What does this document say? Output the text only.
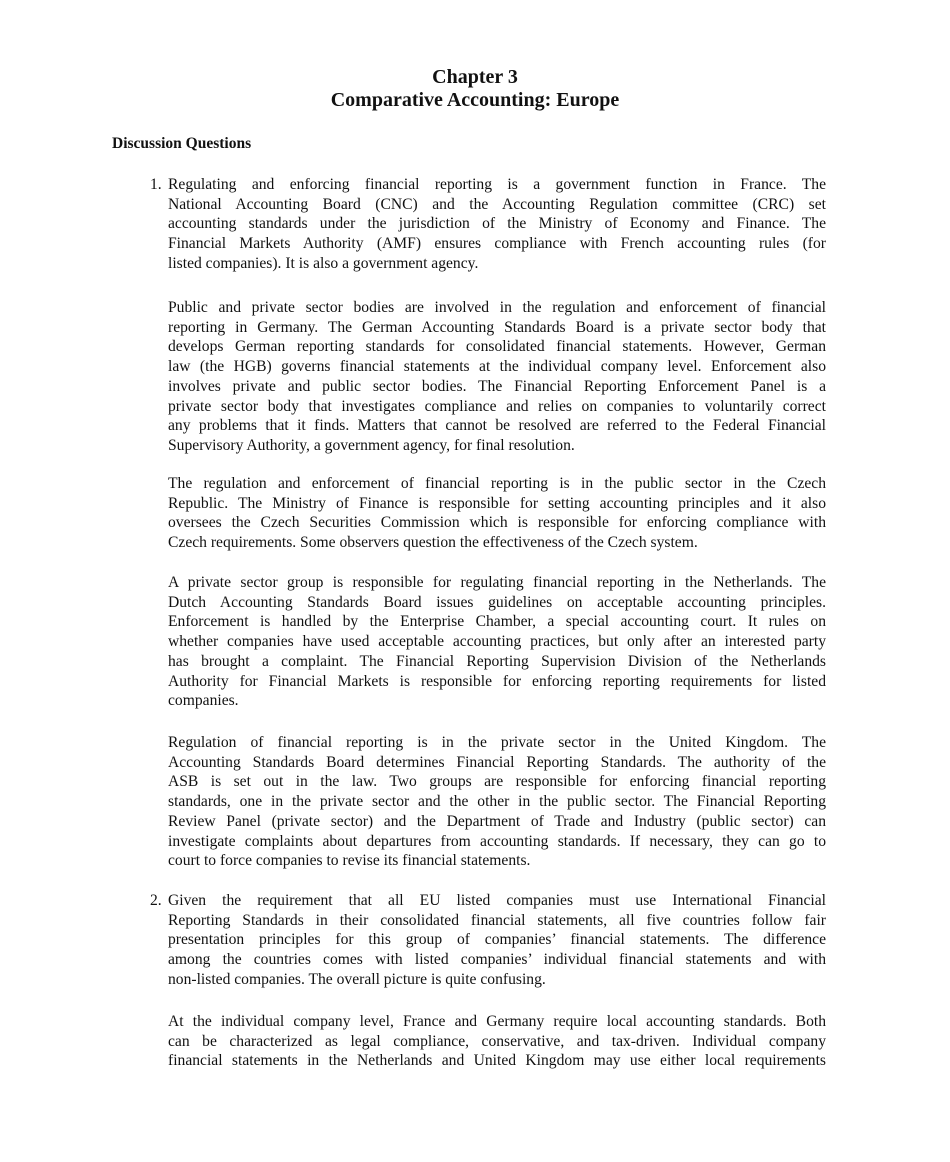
Chapter 3
Comparative Accounting: Europe
Discussion Questions
1. Regulating and enforcing financial reporting is a government function in France. The
National Accounting Board (CNC) and the Accounting Regulation committee (CRC) set
accounting standards under the jurisdiction of the Ministry of Economy and Finance. The
Financial Markets Authority (AMF) ensures compliance with French accounting rules (for
listed companies). It is also a government agency.
Public and private sector bodies are involved in the regulation and enforcement of financial
reporting in Germany. The German Accounting Standards Board is a private sector body that
develops German reporting standards for consolidated financial statements. However, German
law (the HGB) governs financial statements at the individual company level. Enforcement also
involves private and public sector bodies. The Financial Reporting Enforcement Panel is a
private sector body that investigates compliance and relies on companies to voluntarily correct
any problems that it finds. Matters that cannot be resolved are referred to the Federal Financial
Supervisory Authority, a government agency, for final resolution.
The regulation and enforcement of financial reporting is in the public sector in the Czech
Republic. The Ministry of Finance is responsible for setting accounting principles and it also
oversees the Czech Securities Commission which is responsible for enforcing compliance with
Czech requirements. Some observers question the effectiveness of the Czech system.
A private sector group is responsible for regulating financial reporting in the Netherlands. The
Dutch Accounting Standards Board issues guidelines on acceptable accounting principles.
Enforcement is handled by the Enterprise Chamber, a special accounting court. It rules on
whether companies have used acceptable accounting practices, but only after an interested party
has brought a complaint. The Financial Reporting Supervision Division of the Netherlands
Authority for Financial Markets is responsible for enforcing reporting requirements for listed
companies.
Regulation of financial reporting is in the private sector in the United Kingdom. The
Accounting Standards Board determines Financial Reporting Standards. The authority of the
ASB is set out in the law. Two groups are responsible for enforcing financial reporting
standards, one in the private sector and the other in the public sector. The Financial Reporting
Review Panel (private sector) and the Department of Trade and Industry (public sector) can
investigate complaints about departures from accounting standards. If necessary, they can go to
court to force companies to revise its financial statements.
2. Given the requirement that all EU listed companies must use International Financial
Reporting Standards in their consolidated financial statements, all five countries follow fair
presentation principles for this group of companies’ financial statements. The difference
among the countries comes with listed companies’ individual financial statements and with
non-listed companies. The overall picture is quite confusing.
At the individual company level, France and Germany require local accounting standards. Both
can be characterized as legal compliance, conservative, and tax-driven. Individual company
financial statements in the Netherlands and United Kingdom may use either local requirements
